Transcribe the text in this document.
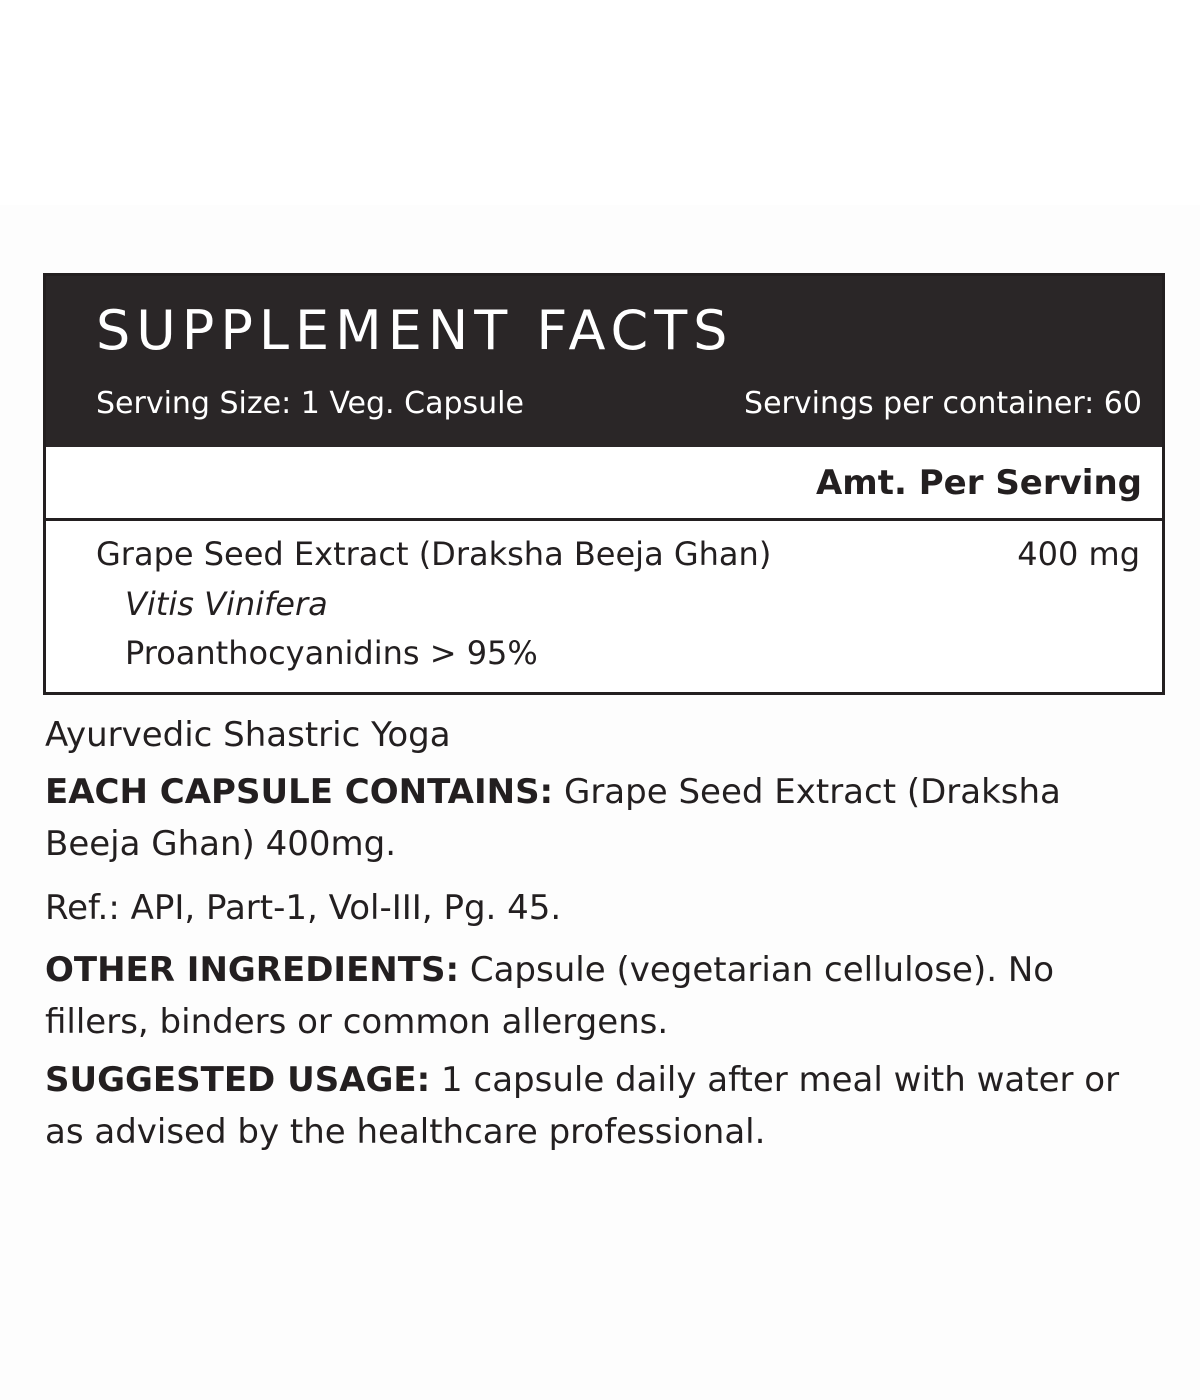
SUPPLEMENT FACTS
Serving Size: 1 Veg. Capsule	Servings per container: 60
Amt. Per Serving
Grape Seed Extract (Draksha Beeja Ghan)	400 mg
Vitis Vinifera
Proanthocyanidins > 95%
Ayurvedic Shastric Yoga
EACH CAPSULE CONTAINS: Grape Seed Extract (Draksha Beeja Ghan) 400mg.
Ref.: API, Part-1, Vol-III, Pg. 45.
OTHER INGREDIENTS: Capsule (vegetarian cellulose). No fillers, binders or common allergens.
SUGGESTED USAGE: 1 capsule daily after meal with water or as advised by the healthcare professional.
